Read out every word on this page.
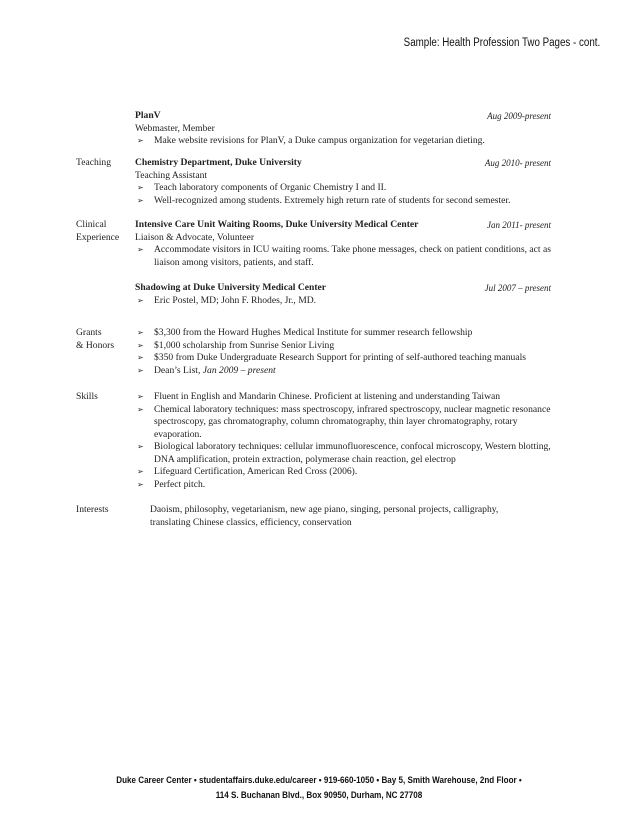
Sample: Health Profession Two Pages - cont.
PlanV	Aug 2009-present
Webmaster, Member
➢ Make website revisions for PlanV, a Duke campus organization for vegetarian dieting.
Teaching	Chemistry Department, Duke University	Aug 2010- present
Teaching Assistant
➢ Teach laboratory components of Organic Chemistry I and II.
➢ Well-recognized among students. Extremely high return rate of students for second semester.
Clinical
Experience
Intensive Care Unit Waiting Rooms, Duke University Medical Center	Jan 2011- present
Liaison & Advocate, Volunteer
➢ Accommodate visitors in ICU waiting rooms. Take phone messages, check on patient conditions, act as liaison among visitors, patients, and staff.
Shadowing at Duke University Medical Center	Jul 2007 – present
➢ Eric Postel, MD; John F. Rhodes, Jr., MD.
Grants
& Honors
➢ $3,300 from the Howard Hughes Medical Institute for summer research fellowship
➢ $1,000 scholarship from Sunrise Senior Living
➢ $350 from Duke Undergraduate Research Support for printing of self-authored teaching manuals
➢ Dean’s List, Jan 2009 – present
Skills	➢ Fluent in English and Mandarin Chinese. Proficient at listening and understanding Taiwan
➢ Chemical laboratory techniques: mass spectroscopy, infrared spectroscopy, nuclear magnetic resonance spectroscopy, gas chromatography, column chromatography, thin layer chromatography, rotary evaporation.
➢ Biological laboratory techniques: cellular immunofluorescence, confocal microscopy, Western blotting, DNA amplification, protein extraction, polymerase chain reaction, gel electrop
➢ Lifeguard Certification, American Red Cross (2006).
➢ Perfect pitch.
Interests	Daoism, philosophy, vegetarianism, new age piano, singing, personal projects, calligraphy, translating Chinese classics, efficiency, conservation
Duke Career Center • studentaffairs.duke.edu/career • 919-660-1050 • Bay 5, Smith Warehouse, 2nd Floor •
114 S. Buchanan Blvd., Box 90950, Durham, NC 27708
